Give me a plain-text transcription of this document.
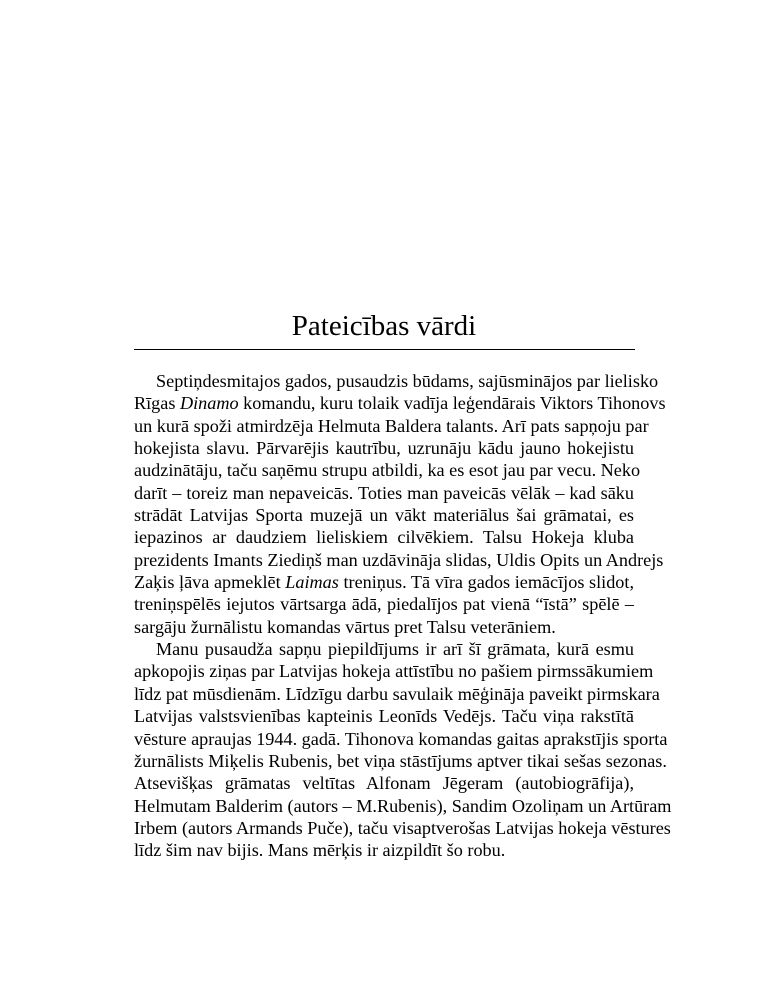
Pateicības vārdi

Septiņdesmitajos gados, pusaudzis būdams, sajūsminājos par lielisko
Rīgas Dinamo komandu, kuru tolaik vadīja leģendārais Viktors Tihonovs
un kurā spoži atmirdzēja Helmuta Baldera talants. Arī pats sapņoju par
hokejista slavu. Pārvarējis kautrību, uzrunāju kādu jauno hokejistu
audzinātāju, taču saņēmu strupu atbildi, ka es esot jau par vecu. Neko
darīt – toreiz man nepaveicās. Toties man paveicās vēlāk – kad sāku
strādāt Latvijas Sporta muzejā un vākt materiālus šai grāmatai, es
iepazinos ar daudziem lieliskiem cilvēkiem. Talsu Hokeja kluba
prezidents Imants Ziediņš man uzdāvināja slidas, Uldis Opits un Andrejs
Zaķis ļāva apmeklēt Laimas treniņus. Tā vīra gados iemācījos slidot,
treniņspēlēs iejutos vārtsarga ādā, piedalījos pat vienā “īstā” spēlē –
sargāju žurnālistu komandas vārtus pret Talsu veterāniem.

Manu pusaudža sapņu piepildījums ir arī šī grāmata, kurā esmu
apkopojis ziņas par Latvijas hokeja attīstību no pašiem pirmssākumiem
līdz pat mūsdienām. Līdzīgu darbu savulaik mēģināja paveikt pirmskara
Latvijas valstsvienības kapteinis Leonīds Vedējs. Taču viņa rakstītā
vēsture apraujas 1944. gadā. Tihonova komandas gaitas aprakstījis sporta
žurnālists Miķelis Rubenis, bet viņa stāstījums aptver tikai sešas sezonas.
Atsevišķas grāmatas veltītas Alfonam Jēgeram (autobiogrāfija),
Helmutam Balderim (autors – M.Rubenis), Sandim Ozoliņam un Artūram
Irbem (autors Armands Puče), taču visaptverošas Latvijas hokeja vēstures
līdz šim nav bijis. Mans mērķis ir aizpildīt šo robu.
